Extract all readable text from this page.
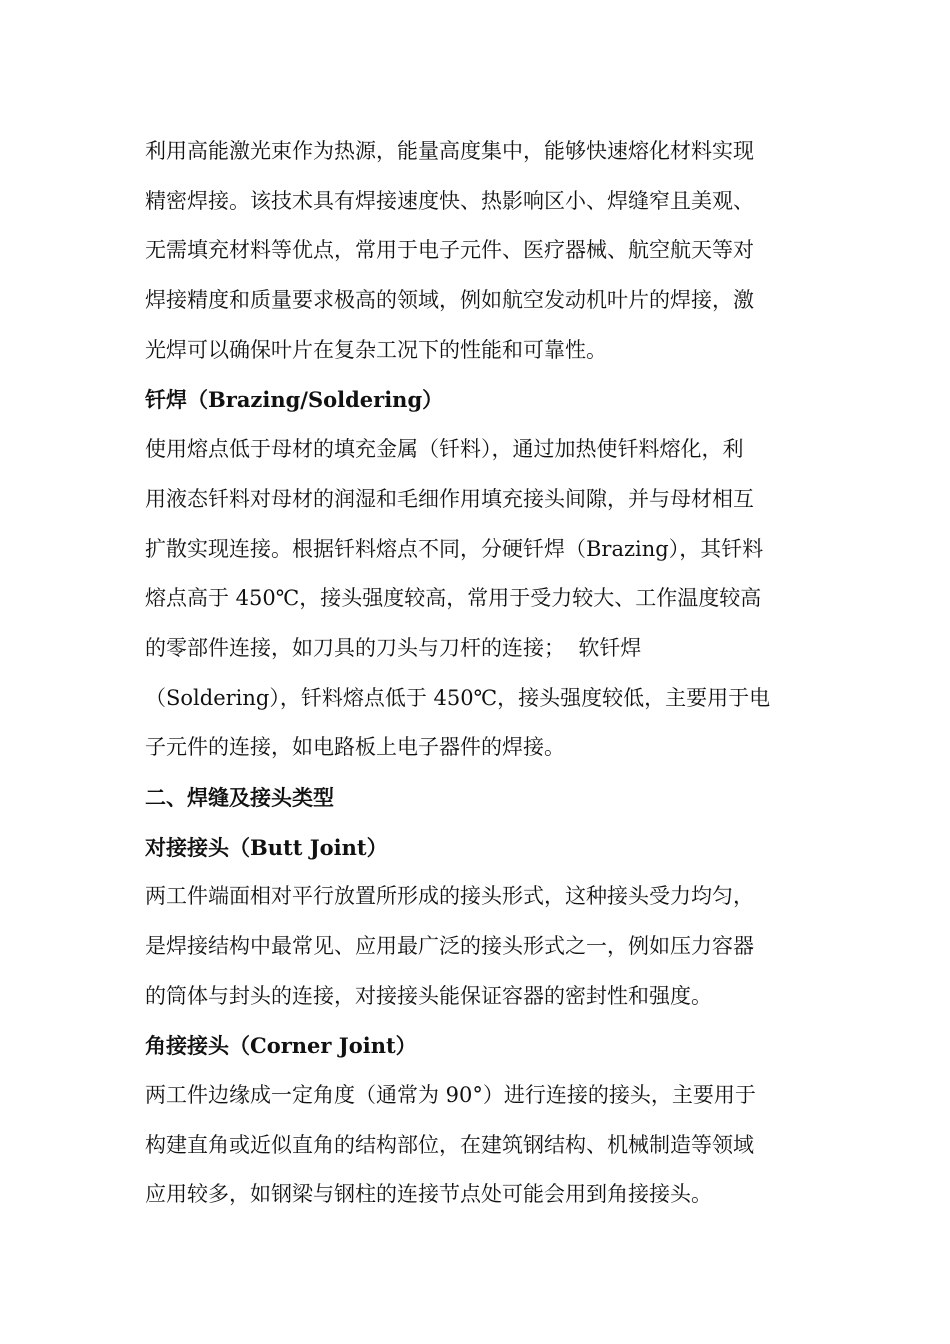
利用高能激光束作为热源，能量高度集中，能够快速熔化材料实现
精密焊接。该技术具有焊接速度快、热影响区小、焊缝窄且美观、
无需填充材料等优点，常用于电子元件、医疗器械、航空航天等对
焊接精度和质量要求极高的领域，例如航空发动机叶片的焊接，激
光焊可以确保叶片在复杂工况下的性能和可靠性。
钎焊（Brazing/Soldering）
使用熔点低于母材的填充金属（钎料），通过加热使钎料熔化，利
用液态钎料对母材的润湿和毛细作用填充接头间隙，并与母材相互
扩散实现连接。根据钎料熔点不同，分硬钎焊（Brazing），其钎料
熔点高于 450℃，接头强度较高，常用于受力较大、工作温度较高
的零部件连接，如刀具的刀头与刀杆的连接；  软钎焊
（Soldering），钎料熔点低于 450℃，接头强度较低，主要用于电
子元件的连接，如电路板上电子器件的焊接。
二、焊缝及接头类型
对接接头（Butt Joint）
两工件端面相对平行放置所形成的接头形式，这种接头受力均匀，
是焊接结构中最常见、应用最广泛的接头形式之一，例如压力容器
的筒体与封头的连接，对接接头能保证容器的密封性和强度。
角接接头（Corner Joint）
两工件边缘成一定角度（通常为 90°）进行连接的接头，主要用于
构建直角或近似直角的结构部位，在建筑钢结构、机械制造等领域
应用较多，如钢梁与钢柱的连接节点处可能会用到角接接头。
